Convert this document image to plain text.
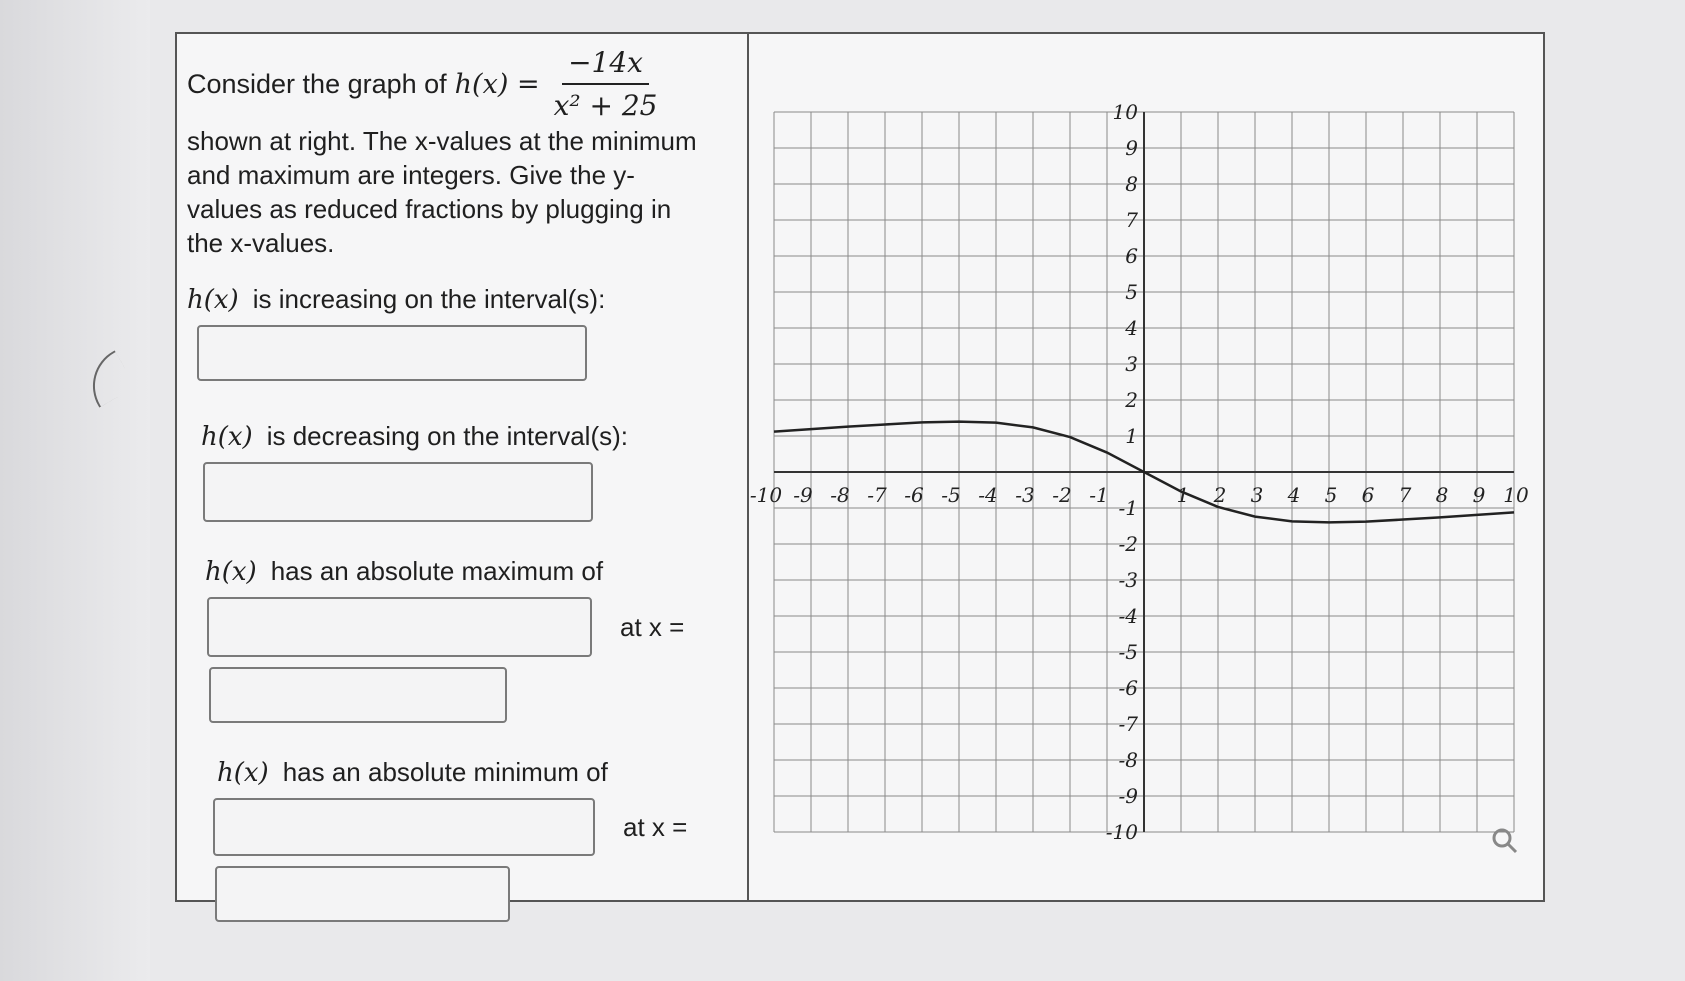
Consider the graph of $h(x) = \frac{-14x}{\text{x² + 25}}$

shown at right. The x-values at the minimum and maximum are integers. Give the y-values as reduced fractions by plugging in the x-values.

h(x) is increasing on the interval(s):
h(x) is decreasing on the interval(s):
h(x) has an absolute maximum of
at x =
h(x) has an absolute minimum of
at x =
-10 -9 -8 -7 -6 -5 -4 -3 -2 -1	1 2 3 4 5 6 7 8 9 10
10
9
8
7
6
5
4
3
2
1
-1
-2
-3
-4
-5
-6
-7
-8
-9
-10
